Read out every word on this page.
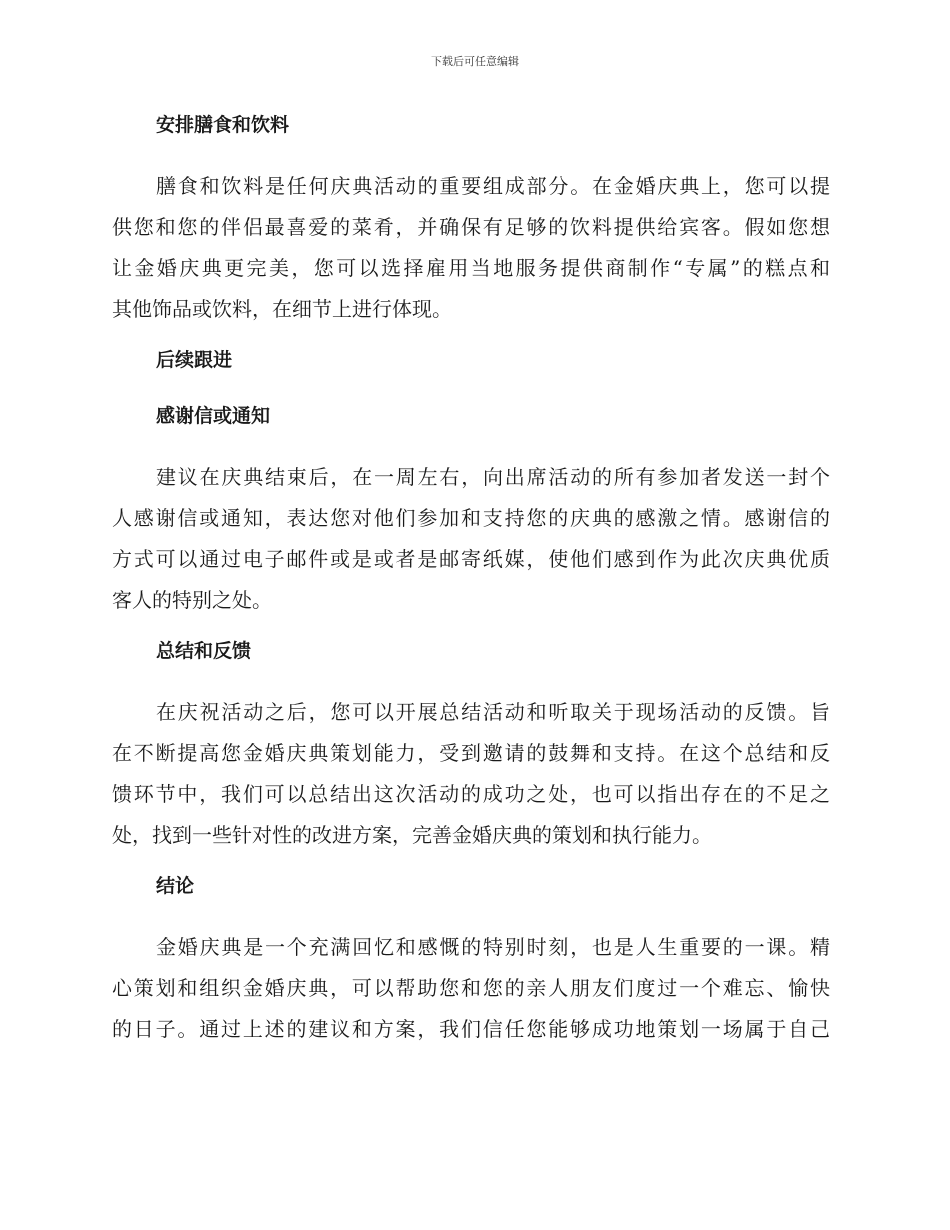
下载后可任意编辑
安排膳食和饮料
膳食和饮料是任何庆典活动的重要组成部分。在金婚庆典上，您可以提
供您和您的伴侣最喜爱的菜肴，并确保有足够的饮料提供给宾客。假如您想
让金婚庆典更完美，您可以选择雇用当地服务提供商制作“专属”的糕点和
其他饰品或饮料，在细节上进行体现。
后续跟进
感谢信或通知
建议在庆典结束后，在一周左右，向出席活动的所有参加者发送一封个
人感谢信或通知，表达您对他们参加和支持您的庆典的感激之情。感谢信的
方式可以通过电子邮件或是或者是邮寄纸媒，使他们感到作为此次庆典优质
客人的特别之处。
总结和反馈
在庆祝活动之后，您可以开展总结活动和听取关于现场活动的反馈。旨
在不断提高您金婚庆典策划能力，受到邀请的鼓舞和支持。在这个总结和反
馈环节中，我们可以总结出这次活动的成功之处，也可以指出存在的不足之
处，找到一些针对性的改进方案，完善金婚庆典的策划和执行能力。
结论
金婚庆典是一个充满回忆和感慨的特别时刻，也是人生重要的一课。精
心策划和组织金婚庆典，可以帮助您和您的亲人朋友们度过一个难忘、愉快
的日子。通过上述的建议和方案，我们信任您能够成功地策划一场属于自己
